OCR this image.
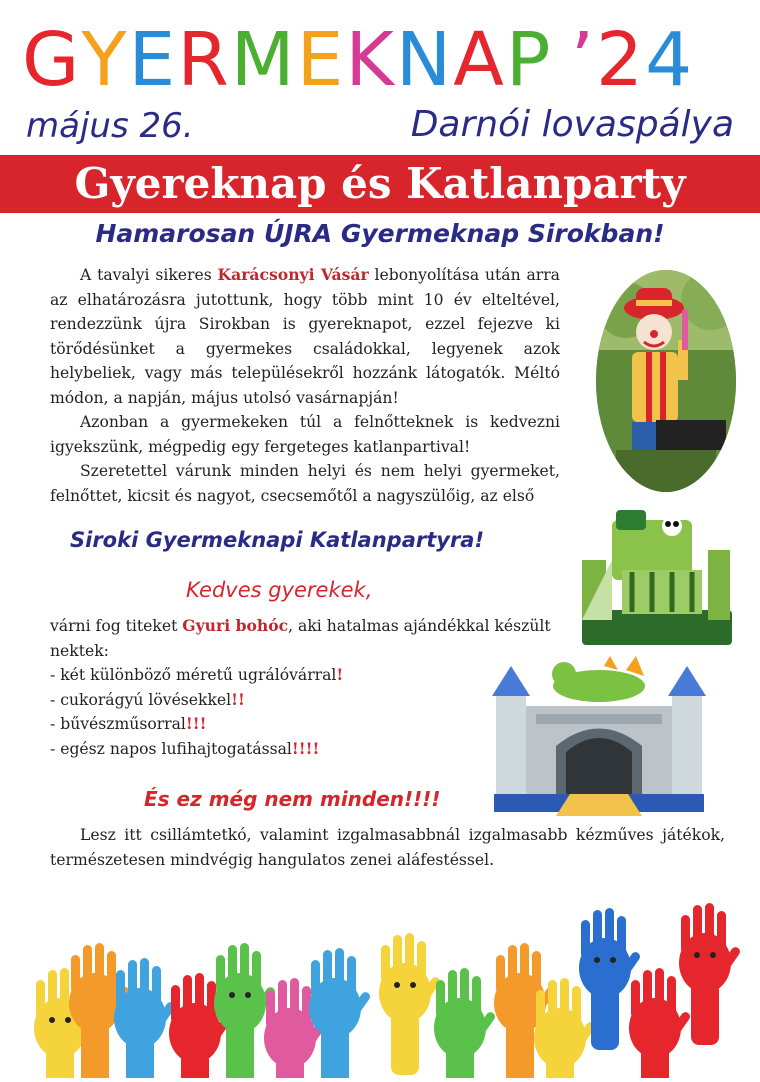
GYERMEKNAP ’24
május 26.	Darnói lovaspálya
Gyereknap és Katlanparty
Hamarosan ÚJRA Gyermeknap Sirokban!

A tavalyi sikeres Karácsonyi Vásár lebonyolítása után arra az elhatározásra jutottunk, hogy több mint 10 év elteltével, rendezzünk újra Sirokban is gyereknapot, ezzel fejezve ki törődésünket a gyermekes családokkal, legyenek azok helybeliek, vagy más településekről hozzánk látogatók. Méltó módon, a napján, május utolsó vasárnapján!

Azonban a gyermekeken túl a felnőtteknek is kedvezni igyekszünk, mégpedig egy fergeteges katlanpartival!

Szeretettel várunk minden helyi és nem helyi gyermeket, felnőttet, kicsit és nagyot, csecsemőtől a nagyszülőig, az első

Siroki Gyermeknapi Katlanpartyra!
Kedves gyerekek,

várni fog titeket Gyuri bohóc, aki hatalmas ajándékkal készült nektek:

- két különböző méretű ugrálóvárral!

- cukorágyú lövésekkel!!

- bűvészműsorral!!!

- egész napos lufihajtogatással!!!!

És ez még nem minden!!!!

Lesz itt csillámtetkó, valamint izgalmasabbnál izgalmasabb kézműves játékok, természetesen mindvégig hangulatos zenei aláfestéssel.
